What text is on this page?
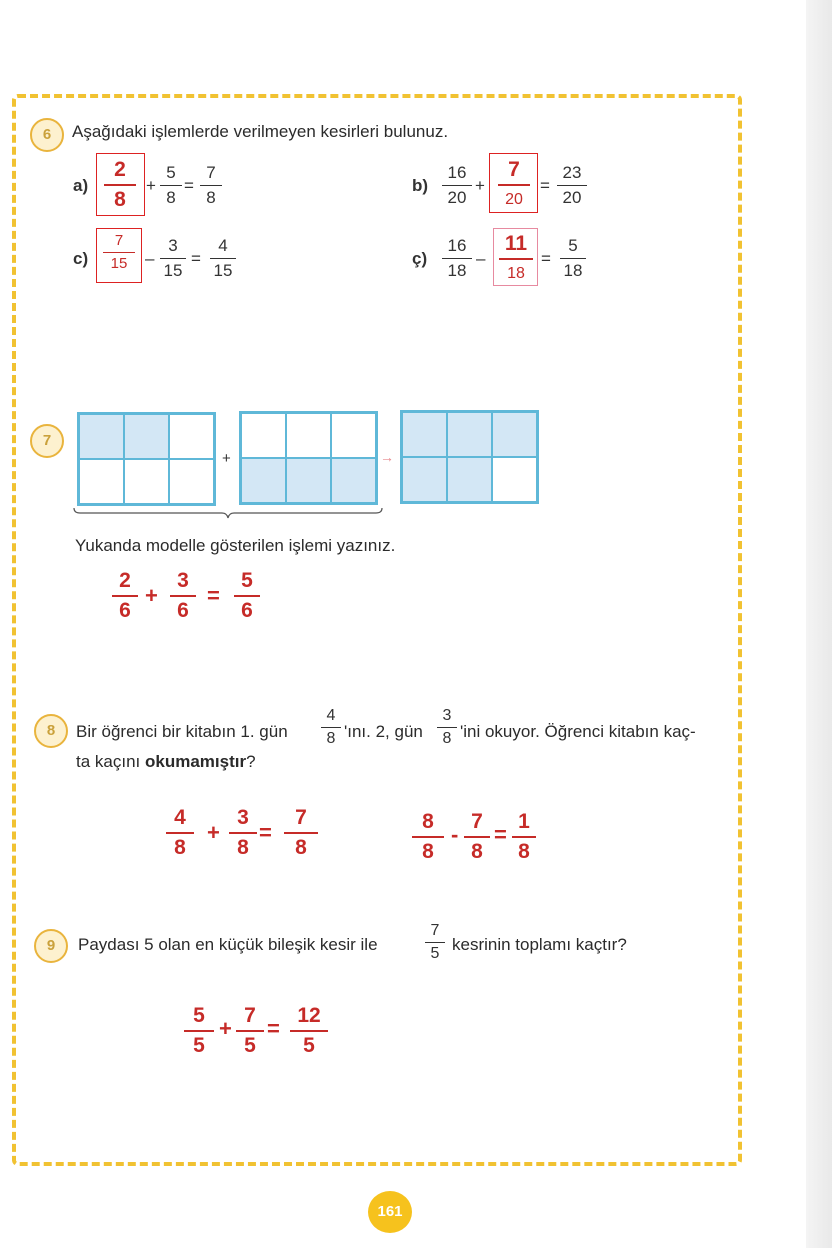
6	Aşağıdaki işlemlerde verilmeyen kesirleri bulunuz.
a)
2
8
+
5
8
=
7
8
b)
16
20
+
7
20
=
23
20
c)
7
15 –
3
15
=
4
15
ç)
16
18
–
11
18
=
5
18
7
+	→
Yukanda modelle gösterilen işlemi yazınız.
2
6
+
3
6
=
5
6
8	Bir öğrenci bir kitabın 1. gün
4
8 'ını. 2, gün
3
8 'ini okuyor. Öğrenci kitabın kaç-
ta kaçını okumamıştır?
4
8
+
3
8
=
7
8
8
8
-
7
8
=
1
8
9	Paydası 5 olan en küçük bileşik kesir ile
7
5 kesrinin toplamı kaçtır?
5
5
+
7
5
=
12
5
161
